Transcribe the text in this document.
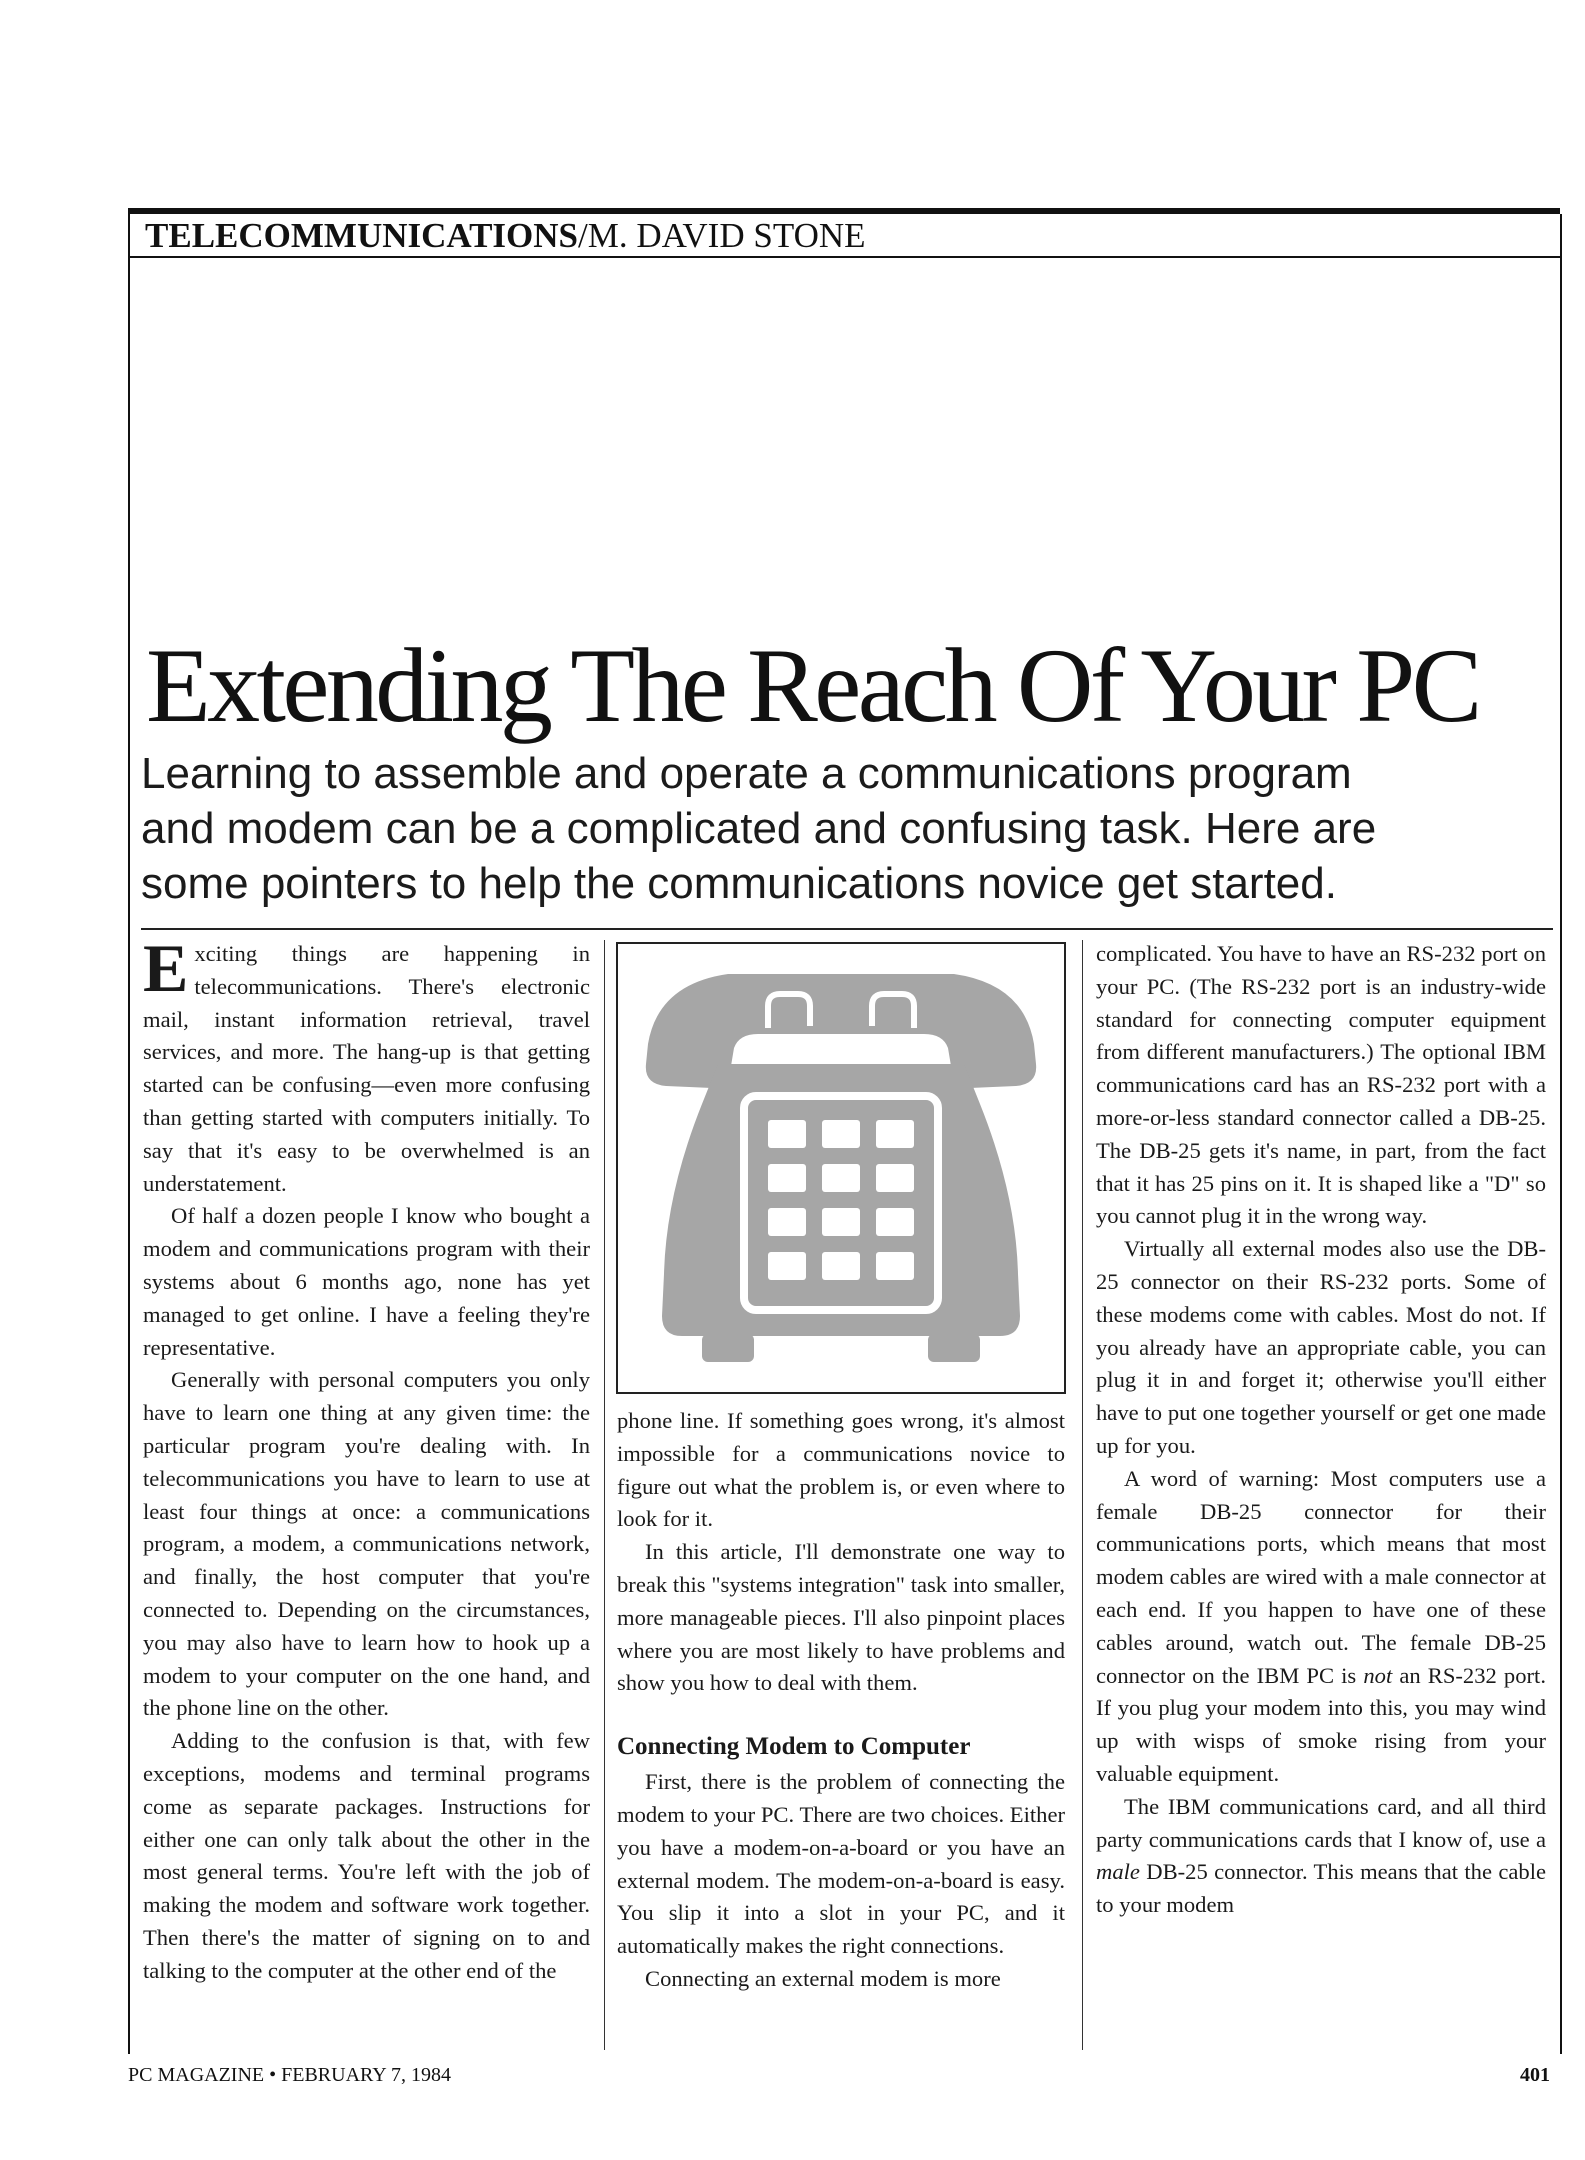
TELECOMMUNICATIONS/M. DAVID STONE
Extending The Reach Of Your PC
Learning to assemble and operate a communications program
and modem can be a complicated and confusing task. Here are
some pointers to help the communications novice get started.

Exciting things are happening in telecommunications. There's electronic mail, instant information retrieval, travel services, and more. The hang-up is that getting started can be confusing—even more confusing than getting started with computers initially. To say that it's easy to be overwhelmed is an understatement.

Of half a dozen people I know who bought a modem and communications program with their systems about 6 months ago, none has yet managed to get online. I have a feeling they're representative.

Generally with personal computers you only have to learn one thing at any given time: the particular program you're dealing with. In telecommunications you have to learn to use at least four things at once: a communications program, a modem, a communications network, and finally, the host computer that you're connected to. Depending on the circumstances, you may also have to learn how to hook up a modem to your computer on the one hand, and the phone line on the other.

Adding to the confusion is that, with few exceptions, modems and terminal programs come as separate packages. Instructions for either one can only talk about the other in the most general terms. You're left with the job of making the modem and software work together. Then there's the matter of signing on to and talking to the computer at the other end of the

phone line. If something goes wrong, it's almost impossible for a communications novice to figure out what the problem is, or even where to look for it.

In this article, I'll demonstrate one way to break this "systems integration" task into smaller, more manageable pieces. I'll also pinpoint places where you are most likely to have problems and show you how to deal with them.

Connecting Modem to Computer

First, there is the problem of connecting the modem to your PC. There are two choices. Either you have a modem-on-a-board or you have an external modem. The modem-on-a-board is easy. You slip it into a slot in your PC, and it automatically makes the right connections.

Connecting an external modem is more

complicated. You have to have an RS-232 port on your PC. (The RS-232 port is an industry-wide standard for connecting computer equipment from different manufacturers.) The optional IBM communications card has an RS-232 port with a more-or-less standard connector called a DB-25. The DB-25 gets it's name, in part, from the fact that it has 25 pins on it. It is shaped like a "D" so you cannot plug it in the wrong way.

Virtually all external modes also use the DB-25 connector on their RS-232 ports. Some of these modems come with cables. Most do not. If you already have an appropriate cable, you can plug it in and forget it; otherwise you'll either have to put one together yourself or get one made up for you.

A word of warning: Most computers use a female DB-25 connector for their communications ports, which means that most modem cables are wired with a male connector at each end. If you happen to have one of these cables around, watch out. The female DB-25 connector on the IBM PC is not an RS-232 port. If you plug your modem into this, you may wind up with wisps of smoke rising from your valuable equipment.

The IBM communications card, and all third party communications cards that I know of, use a male DB-25 connector. This means that the cable to your modem

PC MAGAZINE • FEBRUARY 7, 1984	401
